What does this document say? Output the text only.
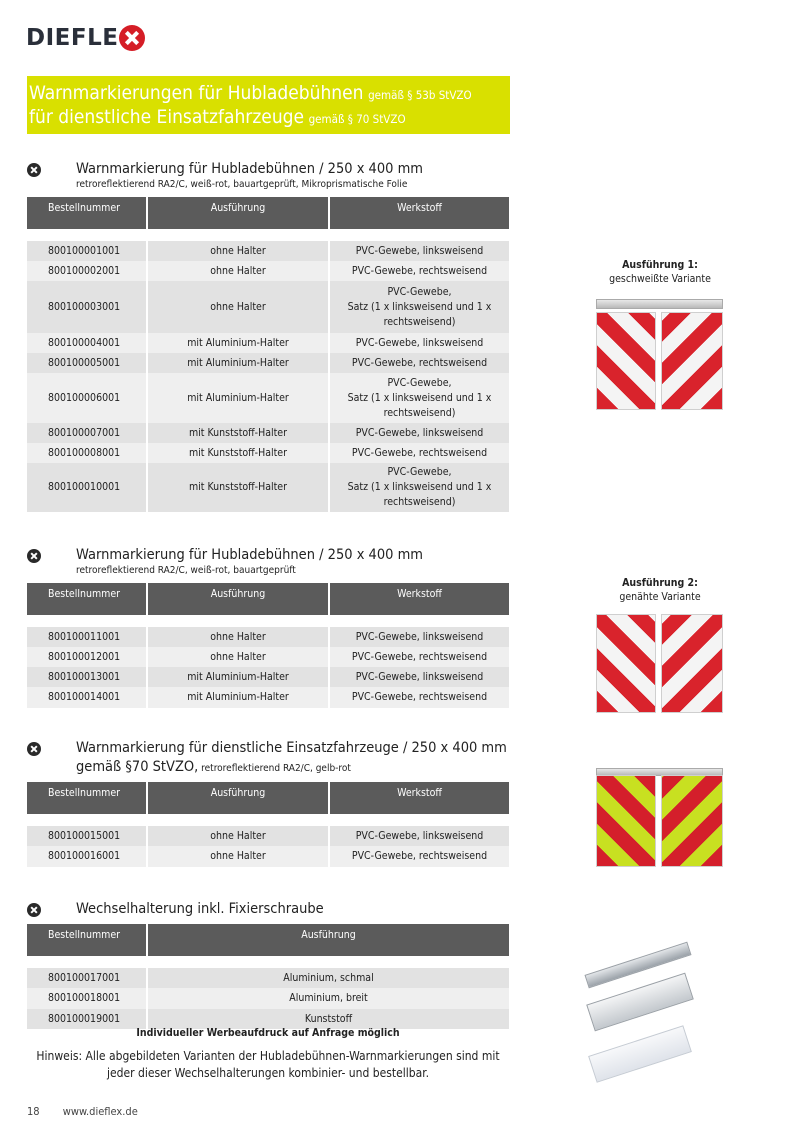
DIEFLE
Warnmarkierungen für Hubladebühnen gemäß § 53b StVZO
für dienstliche Einsatzfahrzeuge gemäß § 70 StVZO
Warnmarkierung für Hubladebühnen / 250 x 400 mm
retroreflektierend RA2/C, weiß-rot, bauartgeprüft, Mikroprismatische Folie
Bestellnummer	Ausführung	Werkstoff

800100001001	ohne Halter	PVC-Gewebe, linksweisend
800100002001	ohne Halter	PVC-Gewebe, rechtsweisend
800100003001	ohne Halter	PVC-Gewebe,
Satz (1 x linksweisend und 1 x
rechtsweisend)
800100004001	mit Aluminium-Halter	PVC-Gewebe, linksweisend
800100005001	mit Aluminium-Halter	PVC-Gewebe, rechtsweisend
800100006001	mit Aluminium-Halter	PVC-Gewebe,
Satz (1 x linksweisend und 1 x
rechtsweisend)
800100007001	mit Kunststoff-Halter	PVC-Gewebe, linksweisend
800100008001	mit Kunststoff-Halter	PVC-Gewebe, rechtsweisend
800100010001	mit Kunststoff-Halter	PVC-Gewebe,
Satz (1 x linksweisend und 1 x
rechtsweisend)
Warnmarkierung für Hubladebühnen / 250 x 400 mm
retroreflektierend RA2/C, weiß-rot, bauartgeprüft
Bestellnummer	Ausführung	Werkstoff

800100011001	ohne Halter	PVC-Gewebe, linksweisend
800100012001	ohne Halter	PVC-Gewebe, rechtsweisend
800100013001	mit Aluminium-Halter	PVC-Gewebe, linksweisend
800100014001	mit Aluminium-Halter	PVC-Gewebe, rechtsweisend
Warnmarkierung für dienstliche Einsatzfahrzeuge / 250 x 400 mm
gemäß §70 StVZO, retroreflektierend RA2/C, gelb-rot
Bestellnummer	Ausführung	Werkstoff

800100015001	ohne Halter	PVC-Gewebe, linksweisend
800100016001	ohne Halter	PVC-Gewebe, rechtsweisend
Wechselhalterung inkl. Fixierschraube
Bestellnummer	Ausführung

800100017001	Aluminium, schmal
800100018001	Aluminium, breit
800100019001	Kunststoff
Individueller Werbeaufdruck auf Anfrage möglich
Hinweis: Alle abgebildeten Varianten der Hubladebühnen-Warnmarkierungen sind mit jeder dieser Wechselhalterungen kombinier- und bestellbar.
18 www.dieflex.de
Ausführung 1:
geschweißte Variante
Ausführung 2:
genähte Variante
